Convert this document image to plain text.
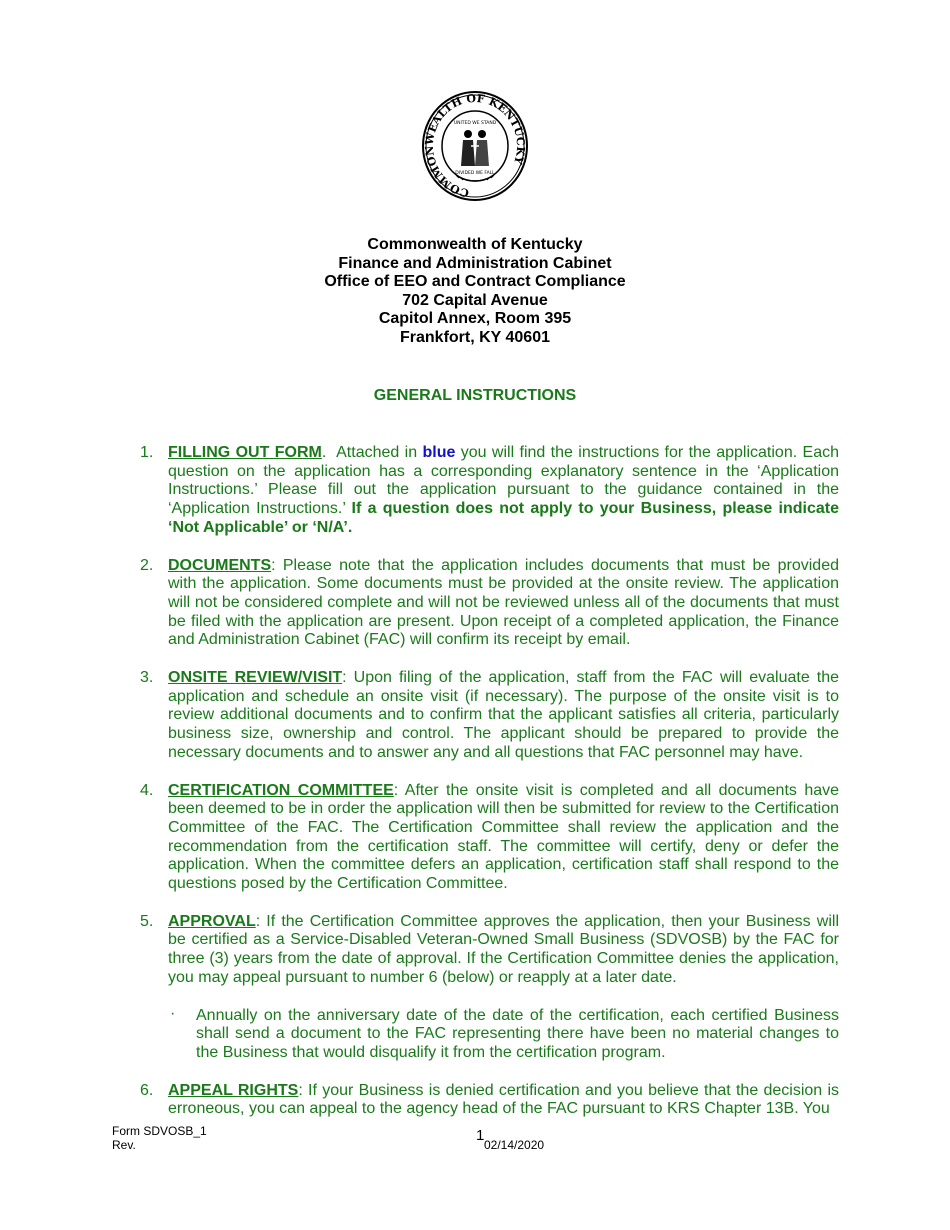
COMMONWEALTH OF KENTUCKY
UNITED WE STAND
DIVIDED WE FALL
Commonwealth of Kentucky
Finance and Administration Cabinet
Office of EEO and Contract Compliance
702 Capital Avenue
Capitol Annex, Room 395
Frankfort, KY 40601
GENERAL INSTRUCTIONS
1. FILLING OUT FORM.  Attached in blue you will find the instructions for the application. Each question on the application has a corresponding explanatory sentence in the ‘Application Instructions.’ Please fill out the application pursuant to the guidance contained in the ‘Application Instructions.’ If a question does not apply to your Business, please indicate ‘Not Applicable’ or ‘N/A’.
2. DOCUMENTS: Please note that the application includes documents that must be provided with the application. Some documents must be provided at the onsite review. The application will not be considered complete and will not be reviewed unless all of the documents that must be filed with the application are present. Upon receipt of a completed application, the Finance and Administration Cabinet (FAC) will confirm its receipt by email.
3. ONSITE REVIEW/VISIT: Upon filing of the application, staff from the FAC will evaluate the application and schedule an onsite visit (if necessary). The purpose of the onsite visit is to review additional documents and to confirm that the applicant satisfies all criteria, particularly business size, ownership and control. The applicant should be prepared to provide the necessary documents and to answer any and all questions that FAC personnel may have.
4. CERTIFICATION COMMITTEE: After the onsite visit is completed and all documents have been deemed to be in order the application will then be submitted for review to the Certification Committee of the FAC. The Certification Committee shall review the application and the recommendation from the certification staff. The committee will certify, deny or defer the application. When the committee defers an application, certification staff shall respond to the questions posed by the Certification Committee.
5. APPROVAL: If the Certification Committee approves the application, then your Business will be certified as a Service-Disabled Veteran-Owned Small Business (SDVOSB) by the FAC for three (3) years from the date of approval. If the Certification Committee denies the application, you may appeal pursuant to number 6 (below) or reapply at a later date.
· Annually on the anniversary date of the date of the certification, each certified Business shall send a document to the FAC representing there have been no material changes to the Business that would disqualify it from the certification program.
6. APPEAL RIGHTS: If your Business is denied certification and you believe that the decision is erroneous, you can appeal to the agency head of the FAC pursuant to KRS Chapter 13B. You
Form SDVOSB_1
Rev.
1
02/14/2020
